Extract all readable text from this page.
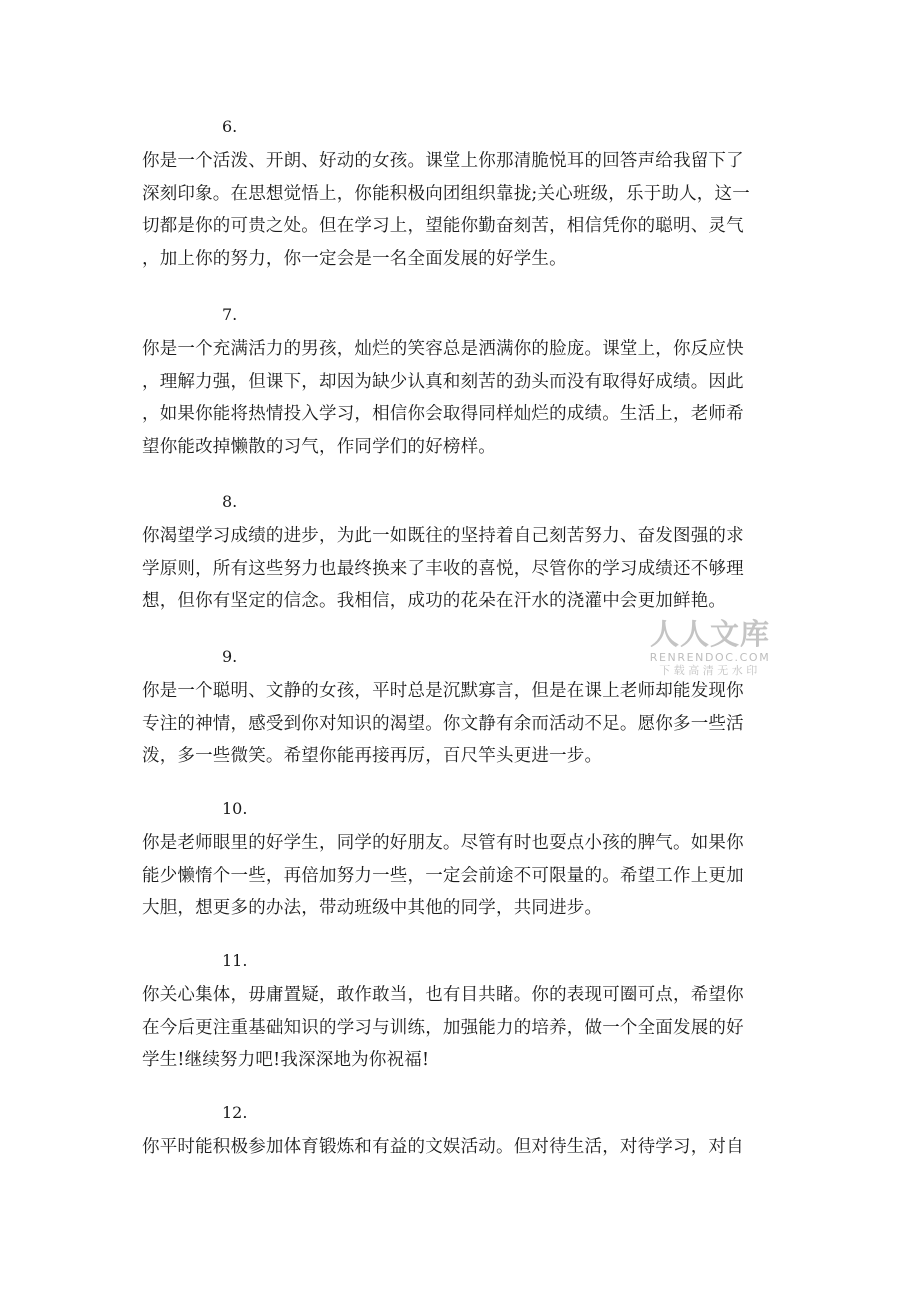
6.
你是一个活泼、开朗、好动的女孩。课堂上你那清脆悦耳的回答声给我留下了
深刻印象。在思想觉悟上，你能积极向团组织靠拢;关心班级，乐于助人，这一
切都是你的可贵之处。但在学习上，望能你勤奋刻苦，相信凭你的聪明、灵气
，加上你的努力，你一定会是一名全面发展的好学生。
7.
你是一个充满活力的男孩，灿烂的笑容总是洒满你的脸庞。课堂上，你反应快
，理解力强，但课下，却因为缺少认真和刻苦的劲头而没有取得好成绩。因此
，如果你能将热情投入学习，相信你会取得同样灿烂的成绩。生活上，老师希
望你能改掉懒散的习气，作同学们的好榜样。
8.
你渴望学习成绩的进步，为此一如既往的坚持着自己刻苦努力、奋发图强的求
学原则，所有这些努力也最终换来了丰收的喜悦，尽管你的学习成绩还不够理
想，但你有坚定的信念。我相信，成功的花朵在汗水的浇灌中会更加鲜艳。
9.
你是一个聪明、文静的女孩，平时总是沉默寡言，但是在课上老师却能发现你
专注的神情，感受到你对知识的渴望。你文静有余而活动不足。愿你多一些活
泼，多一些微笑。希望你能再接再厉，百尺竿头更进一步。
10.
你是老师眼里的好学生，同学的好朋友。尽管有时也耍点小孩的脾气。如果你
能少懒惰个一些，再倍加努力一些，一定会前途不可限量的。希望工作上更加
大胆，想更多的办法，带动班级中其他的同学，共同进步。
11.
你关心集体，毋庸置疑，敢作敢当，也有目共睹。你的表现可圈可点，希望你
在今后更注重基础知识的学习与训练，加强能力的培养，做一个全面发展的好
学生!继续努力吧!我深深地为你祝福!
12.
你平时能积极参加体育锻炼和有益的文娱活动。但对待生活，对待学习，对自
人人文库
RENRENDOC.COM
下载高清无水印
